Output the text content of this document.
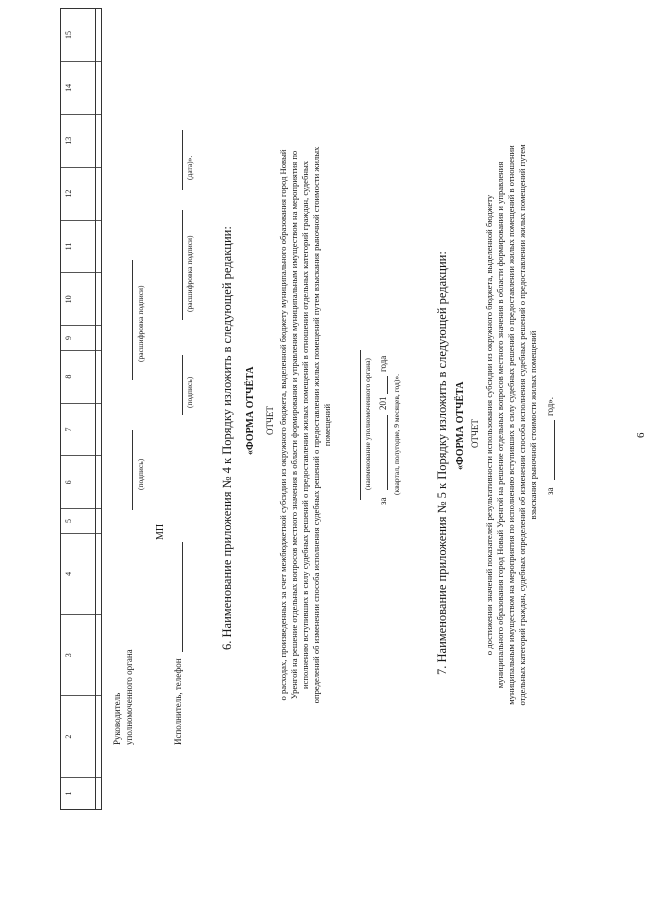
6
1
2
3
4
5
6
7
8
9
10
11
12
13
14
15
Руководитель уполномоченного органа
(подпись)
(расшифровка подписи)
МП
Исполнитель, телефон
(подпись)
(расшифровка подписи)
(дата)».
6. Наименование приложения № 4 к Порядку изложить в следующей редакции: «ФОРМА ОТЧЁТА ОТЧЕТ о расходах, произведенных за счет межбюджетной субсидии из окружного бюджета, выделенной бюджету муниципального образования город Новый Уренгой на решение отдельных вопросов местного значения в области формирования и управления муниципальным имуществом на мероприятия по исполнению вступивших в силу судебных решений о предоставлении жилых помещений в отношении отдельных категорий граждан, судебных определений об изменении способа исполнения судебных решений о предоставлении жилых помещений путем взыскания рыночной стоимости жилых помещений	(наименование уполномоченного органа)
за
201
года
(квартал, полугодие, 9 месяцев, год)».	7. Наименование приложения № 5 к Порядку изложить в следующей редакции: «ФОРМА ОТЧЁТА ОТЧЕТ о достижении значений показателей результативности использования субсидии из окружного бюджета, выделенной бюджету муниципального образования город Новый Уренгой на решение отдельных вопросов местного значения в области формирования и управления муниципальным имуществом на мероприятия по исполнению вступивших в силу судебных решений о предоставлении жилых помещений в отношении отдельных категорий граждан, судебных определений об изменении способа исполнения судебных решений о предоставлении жилых помещений путем взыскания рыночной стоимости жилых помещений за
год».
